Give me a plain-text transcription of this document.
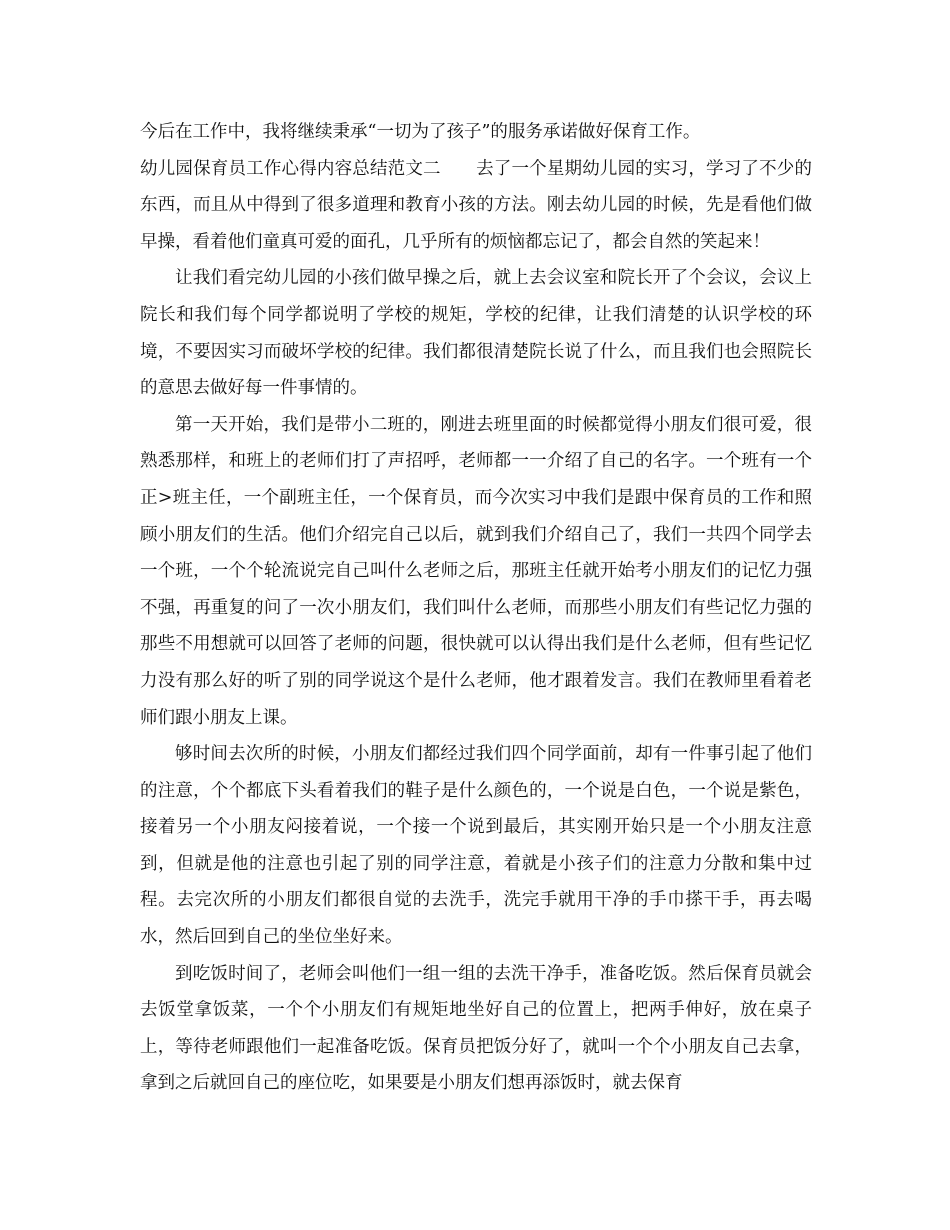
今后在工作中，我将继续秉承“一切为了孩子”的服务承诺做好保育工作。

幼儿园保育员工作心得内容总结范文二　　去了一个星期幼儿园的实习，学习了不少的东西，而且从中得到了很多道理和教育小孩的方法。刚去幼儿园的时候，先是看他们做早操，看着他们童真可爱的面孔，几乎所有的烦恼都忘记了，都会自然的笑起来！

让我们看完幼儿园的小孩们做早操之后，就上去会议室和院长开了个会议，会议上院长和我们每个同学都说明了学校的规矩，学校的纪律，让我们清楚的认识学校的环境，不要因实习而破坏学校的纪律。我们都很清楚院长说了什么，而且我们也会照院长的意思去做好每一件事情的。

第一天开始，我们是带小二班的，刚进去班里面的时候都觉得小朋友们很可爱，很熟悉那样，和班上的老师们打了声招呼，老师都一一介绍了自己的名字。一个班有一个正>班主任，一个副班主任，一个保育员，而今次实习中我们是跟中保育员的工作和照顾小朋友们的生活。他们介绍完自己以后，就到我们介绍自己了，我们一共四个同学去一个班，一个个轮流说完自己叫什么老师之后，那班主任就开始考小朋友们的记忆力强不强，再重复的问了一次小朋友们，我们叫什么老师，而那些小朋友们有些记忆力强的那些不用想就可以回答了老师的问题，很快就可以认得出我们是什么老师，但有些记忆力没有那么好的听了别的同学说这个是什么老师，他才跟着发言。我们在教师里看着老师们跟小朋友上课。

够时间去次所的时候，小朋友们都经过我们四个同学面前，却有一件事引起了他们的注意，个个都底下头看着我们的鞋子是什么颜色的，一个说是白色，一个说是紫色，接着另一个小朋友闷接着说，一个接一个说到最后，其实刚开始只是一个小朋友注意到，但就是他的注意也引起了别的同学注意，着就是小孩子们的注意力分散和集中过程。去完次所的小朋友们都很自觉的去洗手，洗完手就用干净的手巾搽干手，再去喝水，然后回到自己的坐位坐好来。

到吃饭时间了，老师会叫他们一组一组的去洗干净手，准备吃饭。然后保育员就会去饭堂拿饭菜，一个个小朋友们有规矩地坐好自己的位置上，把两手伸好，放在桌子上，等待老师跟他们一起准备吃饭。保育员把饭分好了，就叫一个个小朋友自己去拿，拿到之后就回自己的座位吃，如果要是小朋友们想再添饭时，就去保育
